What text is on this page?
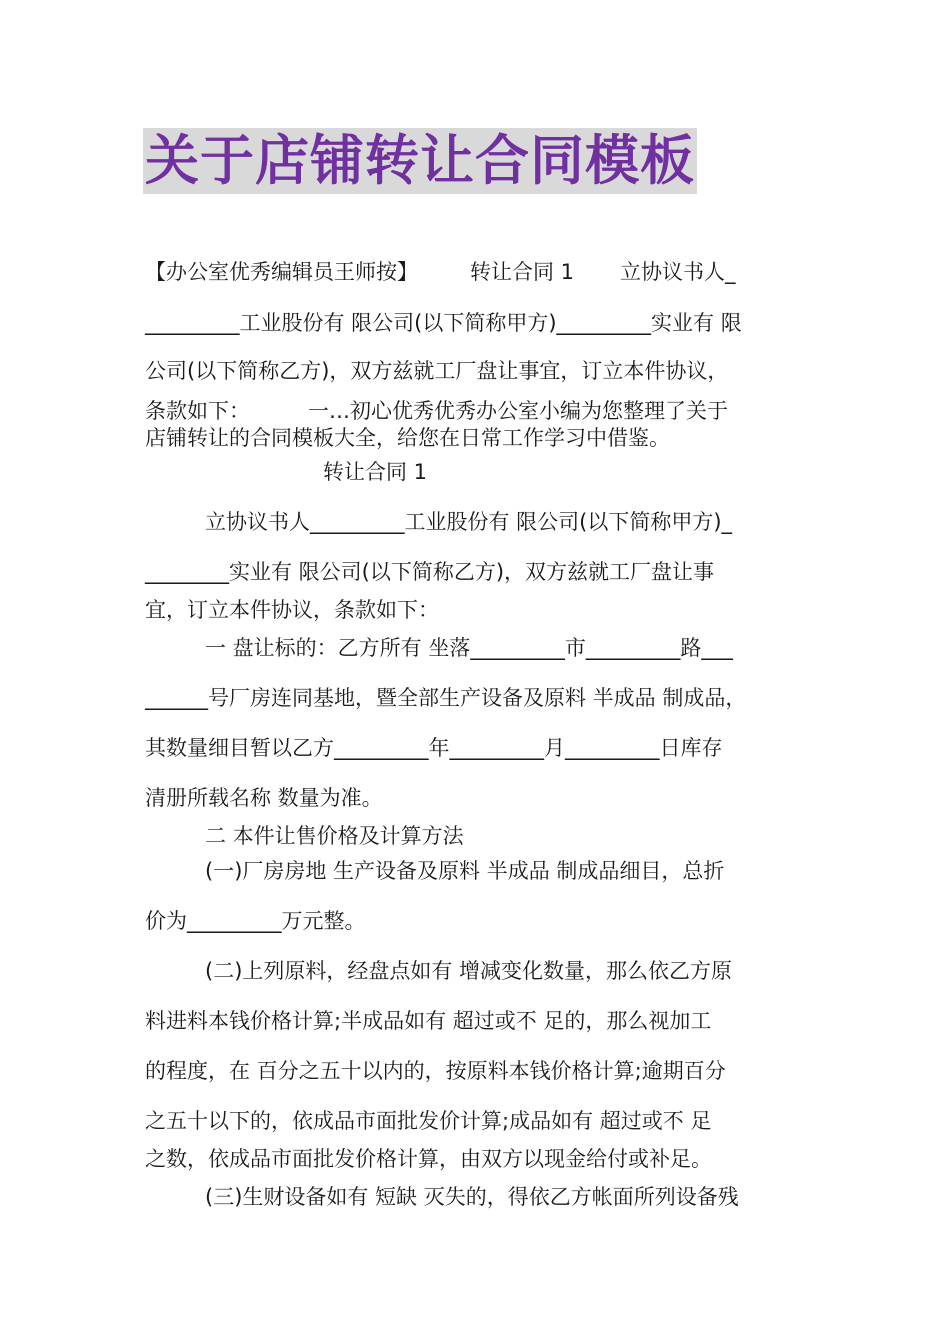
关于店铺转让合同模板
【办公室优秀编辑员王师按】 转让合同 1 立协议书人_
_________工业股份有 限公司(以下简称甲方)_________实业有 限
公司(以下简称乙方)，双方兹就工厂盘让事宜，订立本件协议，
条款如下：	一…初心优秀优秀办公室小编为您整理了关于
店铺转让的合同模板大全，给您在日常工作学习中借鉴。
转让合同 1
立协议书人_________工业股份有 限公司(以下简称甲方)_
________实业有 限公司(以下简称乙方)，双方兹就工厂盘让事
宜，订立本件协议，条款如下：
一 盘让标的：乙方所有 坐落_________市_________路___
______号厂房连同基地，暨全部生产设备及原料 半成品 制成品，
其数量细目暂以乙方_________年_________月_________日库存
清册所载名称 数量为准。
二 本件让售价格及计算方法
(一)厂房房地 生产设备及原料 半成品 制成品细目，总折
价为_________万元整。
(二)上列原料，经盘点如有 增减变化数量，那么依乙方原
料进料本钱价格计算;半成品如有 超过或不 足的，那么视加工
的程度，在 百分之五十以内的，按原料本钱价格计算;逾期百分
之五十以下的，依成品市面批发价计算;成品如有 超过或不 足
之数，依成品市面批发价格计算，由双方以现金给付或补足。
(三)生财设备如有 短缺 灭失的，得依乙方帐面所列设备残
